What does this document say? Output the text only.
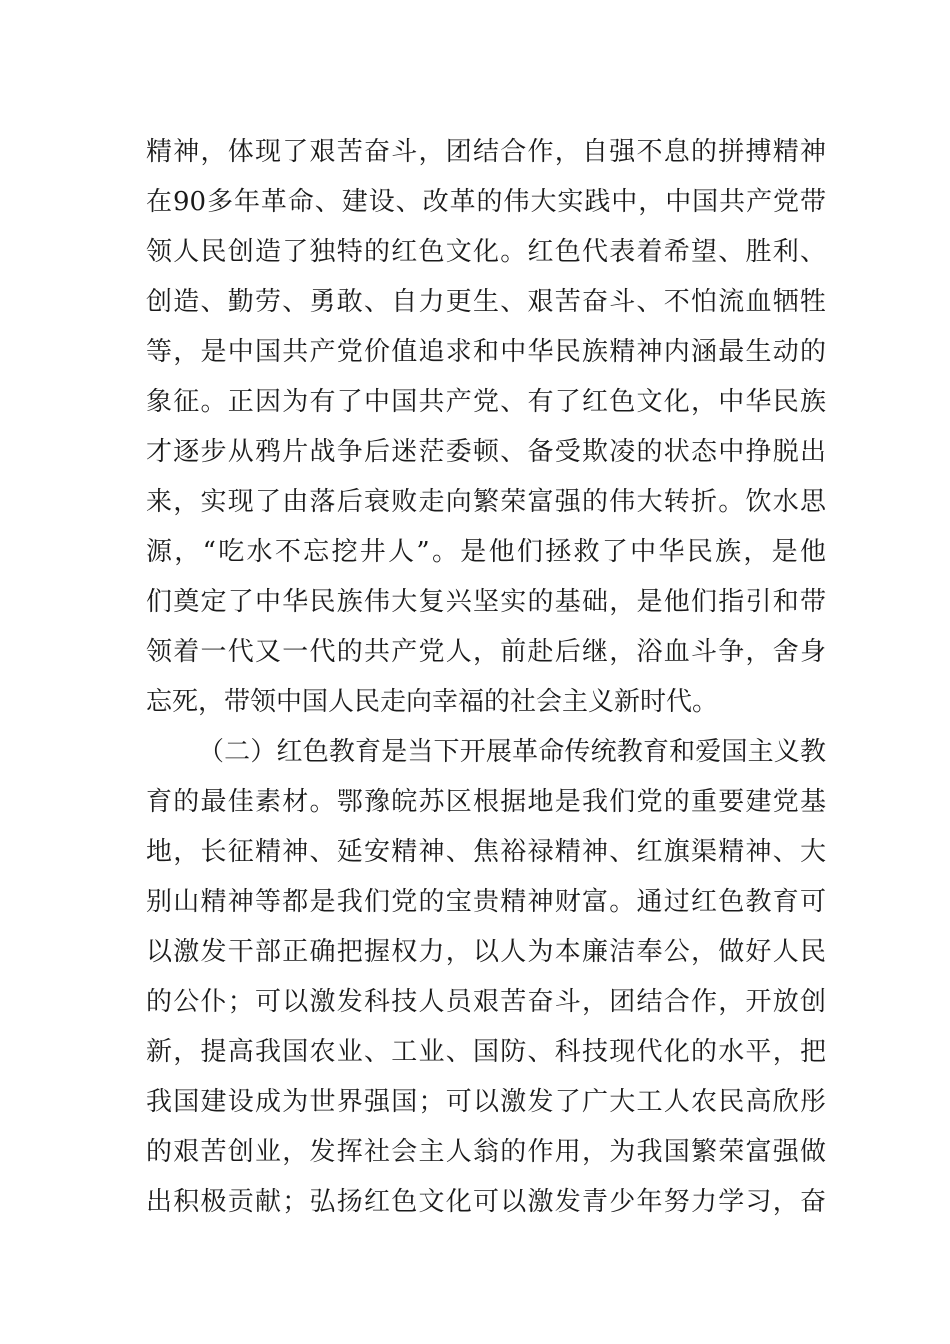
精神，体现了艰苦奋斗，团结合作，自强不息的拼搏精神
在90多年革命、建设、改革的伟大实践中，中国共产党带
领人民创造了独特的红色文化。红色代表着希望、胜利、
创造、勤劳、勇敢、自力更生、艰苦奋斗、不怕流血牺牲
等，是中国共产党价值追求和中华民族精神内涵最生动的
象征。正因为有了中国共产党、有了红色文化，中华民族
才逐步从鸦片战争后迷茫委顿、备受欺凌的状态中挣脱出
来，实现了由落后衰败走向繁荣富强的伟大转折。饮水思
源，“吃水不忘挖井人”。是他们拯救了中华民族，是他
们奠定了中华民族伟大复兴坚实的基础，是他们指引和带
领着一代又一代的共产党人，前赴后继，浴血斗争，舍身
忘死，带领中国人民走向幸福的社会主义新时代。
（二）红色教育是当下开展革命传统教育和爱国主义教
育的最佳素材。鄂豫皖苏区根据地是我们党的重要建党基
地，长征精神、延安精神、焦裕禄精神、红旗渠精神、大
别山精神等都是我们党的宝贵精神财富。通过红色教育可
以激发干部正确把握权力，以人为本廉洁奉公，做好人民
的公仆；可以激发科技人员艰苦奋斗，团结合作，开放创
新，提高我国农业、工业、国防、科技现代化的水平，把
我国建设成为世界强国；可以激发了广大工人农民高欣彤
的艰苦创业，发挥社会主人翁的作用，为我国繁荣富强做
出积极贡献；弘扬红色文化可以激发青少年努力学习，奋
